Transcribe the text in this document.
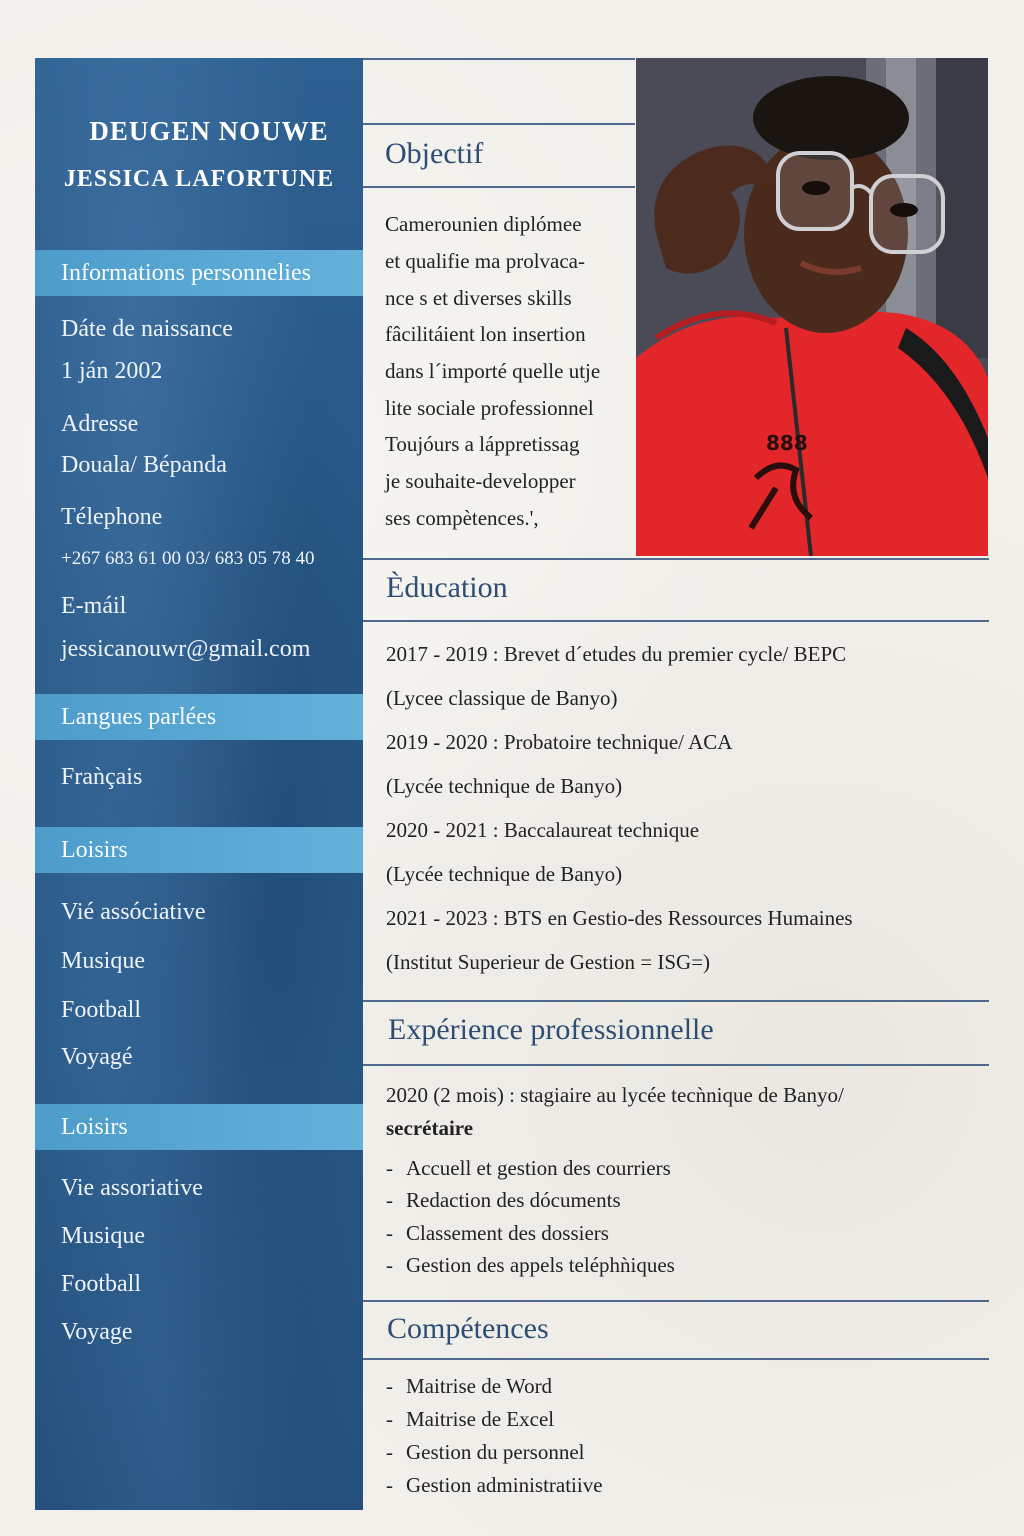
DEUGEN NOUWE
JESSICA LAFORTUNE
Informations personnelies
Dáte de naissance
1 ján 2002
Adresse
Douala/ Bépanda
Télephone
+267 683 61 00 03/ 683 05 78 40
E-máil
jessicanouwr@gmail.com
Langues parlées
Fraǹçais
Loisirs
Vié assóciative
Musique
Football
Voyagé
Loisirs
Vie assoriative
Musique
Football
Voyage
Objectif
Camerounien diplómee
et qualifie ma prolvaca-
nce s et diverses skills
fâcilitáient lon insertion
dans l´importé quelle utje
lite sociale professionnel
Toujóurs a láppretissag
je souhaite-developper
ses compètences.',
888
Èducation
2017 - 2019 : Brevet d´etudes du premier cycle/ BEPC
(Lycee classique de Banyo)
2019 - 2020 : Probatoire technique/ ACA
(Lycée technique de Banyo)
2020 - 2021 : Baccalaureat technique
(Lycée technique de Banyo)
2021 - 2023 : BTS en Gestio-des Ressources Humaines
(Institut Superieur de Gestion = ISG=)
Expérience professionnelle
2020 (2 mois) : stagiaire au lycée tecǹnique de Banyo/
secrétaire
- Accuell et gestion des courriers
- Redaction des dócuments
- Classement des dossiers
- Gestion des appels teléphǹiques
Compétences
- Maitrise de Word
- Maitrise de Excel
- Gestion du personnel
- Gestion administratiive
